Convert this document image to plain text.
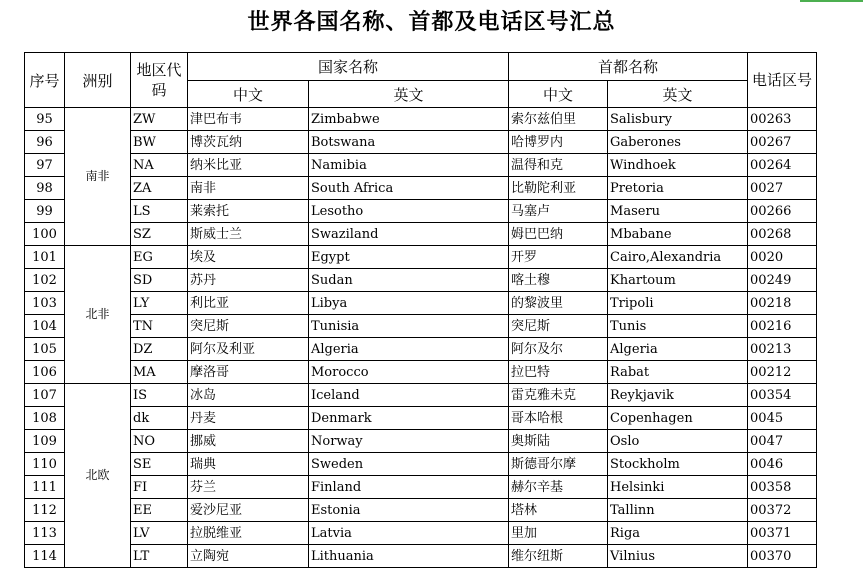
世界各国名称、首都及电话区号汇总
序号	洲别	地区代码	国家名称		首都名称		电话区号
			中文	英文	中文	英文	
95	南非	ZW	津巴布韦	Zimbabwe	索尔兹伯里	Salisbury	00263
96		BW	博茨瓦纳	Botswana	哈博罗内	Gaberones	00267
97		NA	纳米比亚	Namibia	温得和克	Windhoek	00264
98		ZA	南非	South Africa	比勒陀利亚	Pretoria	0027
99		LS	莱索托	Lesotho	马塞卢	Maseru	00266
100		SZ	斯威士兰	Swaziland	姆巴巴纳	Mbabane	00268
101	北非	EG	埃及	Egypt	开罗	Cairo,Alexandria	0020
102		SD	苏丹	Sudan	喀土穆	Khartoum	00249
103		LY	利比亚	Libya	的黎波里	Tripoli	00218
104		TN	突尼斯	Tunisia	突尼斯	Tunis	00216
105		DZ	阿尔及利亚	Algeria	阿尔及尔	Algeria	00213
106		MA	摩洛哥	Morocco	拉巴特	Rabat	00212
107	北欧	IS	冰岛	Iceland	雷克雅未克	Reykjavik	00354
108		dk	丹麦	Denmark	哥本哈根	Copenhagen	0045
109		NO	挪威	Norway	奥斯陆	Oslo	0047
110		SE	瑞典	Sweden	斯德哥尔摩	Stockholm	0046
111		FI	芬兰	Finland	赫尔辛基	Helsinki	00358
112		EE	爱沙尼亚	Estonia	塔林	Tallinn	00372
113		LV	拉脱维亚	Latvia	里加	Riga	00371
114		LT	立陶宛	Lithuania	维尔纽斯	Vilnius	00370
